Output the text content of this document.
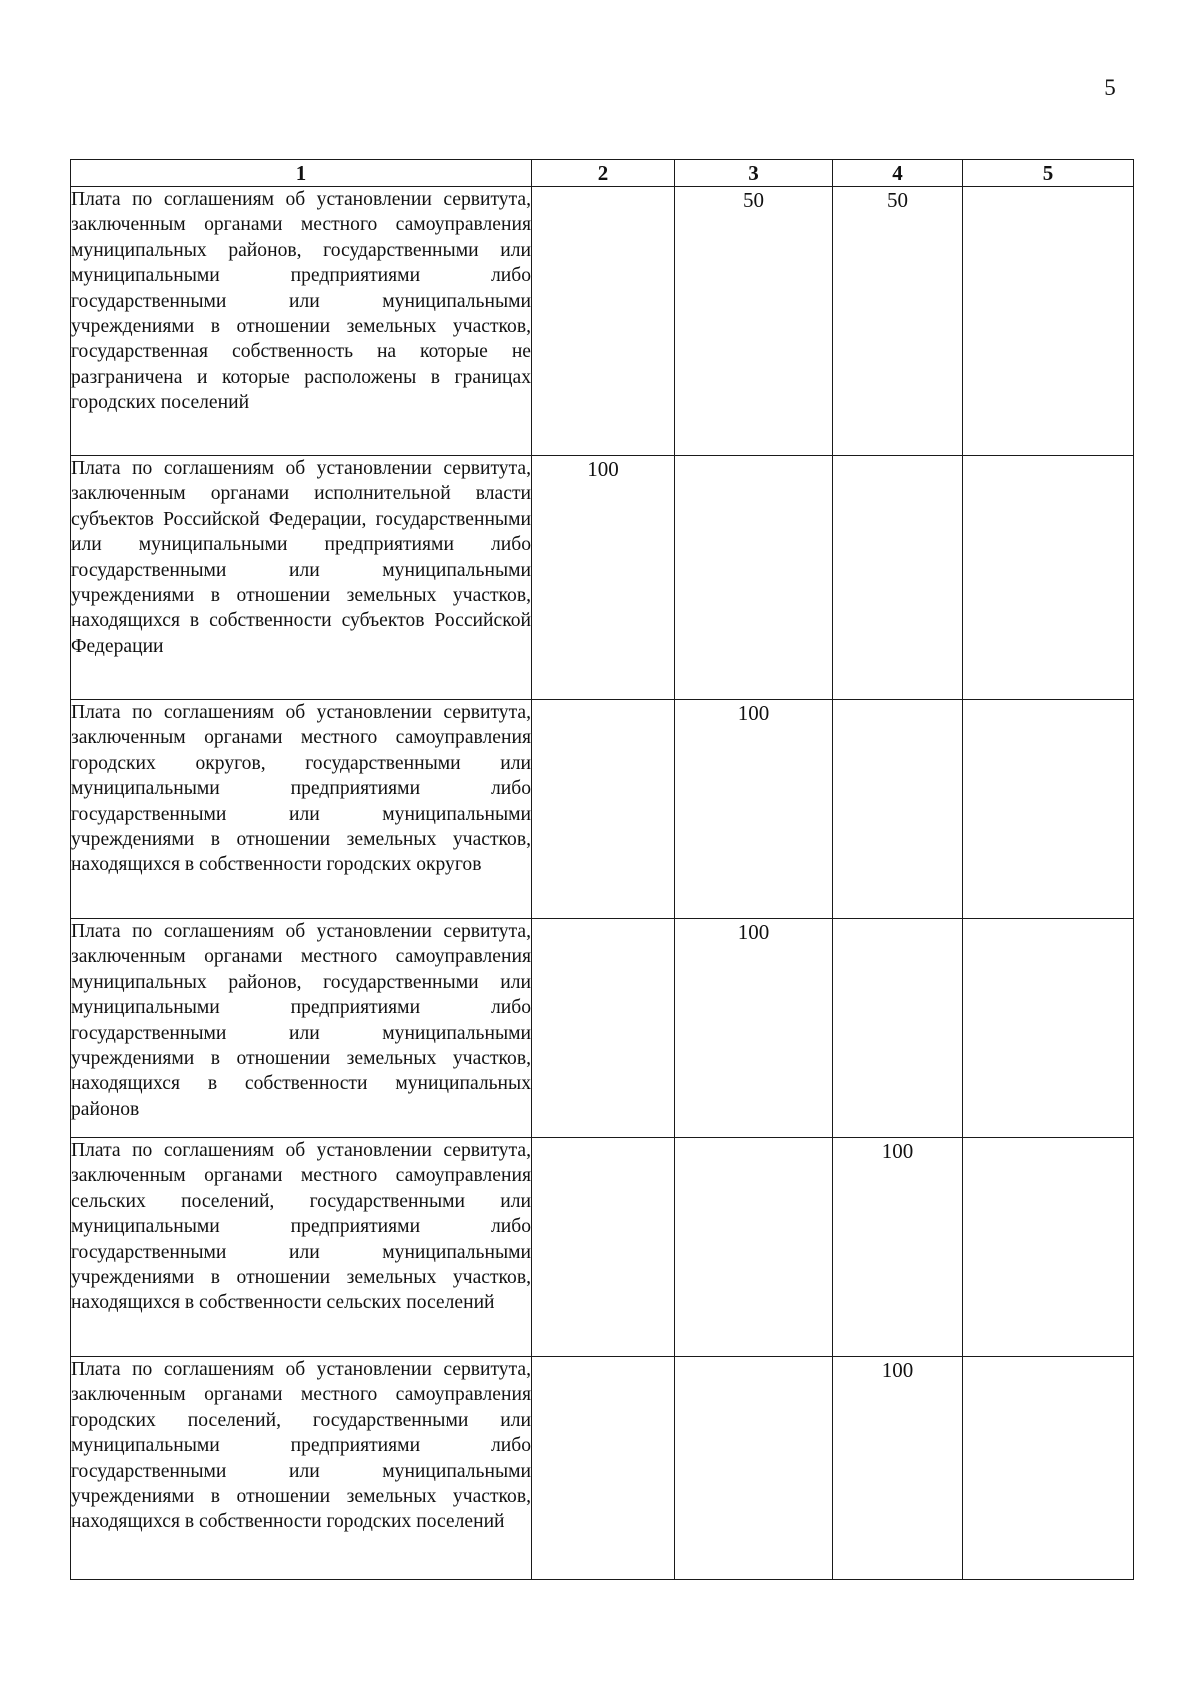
5
1	2	3	4	5
Плата по соглашениям об установлении сервитута, заключенным органами местного самоуправления муниципальных районов, государственными или муниципальными предприятиями либо государственными или муниципальными учреждениями в отношении земельных участков, государственная собственность на которые не разграничена и которые расположены в границах городских поселений		50	50	
Плата по соглашениям об установлении сервитута, заключенным органами исполнительной власти субъектов Российской Федерации, государственными или муниципальными предприятиями либо государственными или муниципальными учреждениями в отношении земельных участков, находящихся в собственности субъектов Российской Федерации	100			
Плата по соглашениям об установлении сервитута, заключенным органами местного самоуправления городских округов, государственными или муниципальными предприятиями либо государственными или муниципальными учреждениями в отношении земельных участков, находящихся в собственности городских округов		100		
Плата по соглашениям об установлении сервитута, заключенным органами местного самоуправления муниципальных районов, государственными или муниципальными предприятиями либо государственными или муниципальными учреждениями в отношении земельных участков, находящихся в собственности муниципальных районов		100		
Плата по соглашениям об установлении сервитута, заключенным органами местного самоуправления сельских поселений, государственными или муниципальными предприятиями либо государственными или муниципальными учреждениями в отношении земельных участков, находящихся в собственности сельских поселений			100	
Плата по соглашениям об установлении сервитута, заключенным органами местного самоуправления городских поселений, государственными или муниципальными предприятиями либо государственными или муниципальными учреждениями в отношении земельных участков, находящихся в собственности городских поселений			100	
